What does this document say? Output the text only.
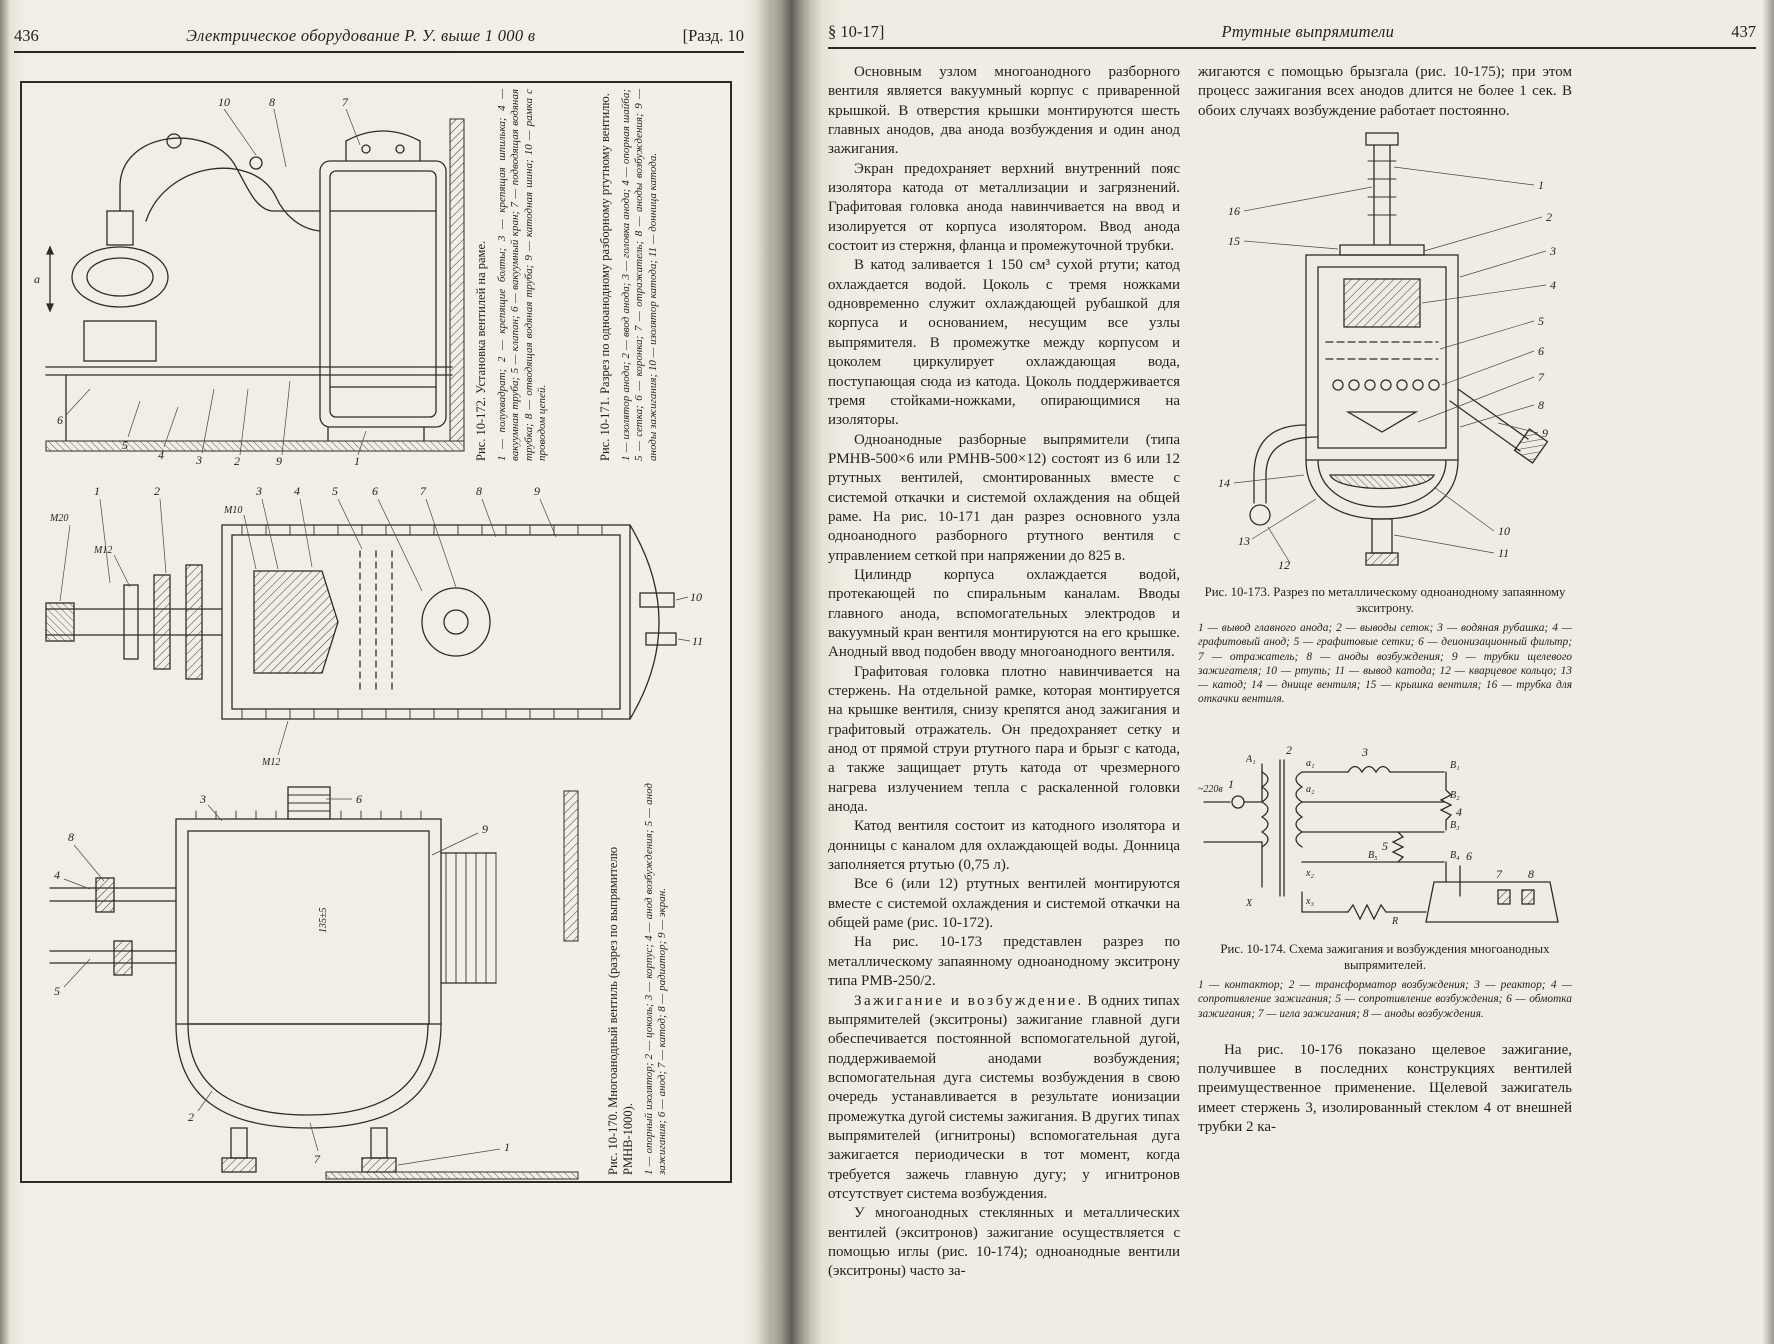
436	Электрическое оборудование Р. У. выше 1 000 в	[Разд. 10
10	8	7
6
5
4	3	2	9	1
a	Рис. 10-172. Установка вентилей на раме. 1 — полуквадрат; 2 — крепящие болты; 3 — крепящая шпилька; 4 — вакуумная труба; 5 — клапан; 6 — вакуумный кран; 7 — подводящая водяная трубка; 8 — отводящая водяная труба; 9 — катодная шина; 10 — рамка с проводом цепей.	Рис. 10-171. Разрез по одноанодному разборному ртутному вентилю. 1 — изолятор анода; 2 — ввод анода; 3 — головка анода; 4 — опорная шайба; 5 — сетка; 6 — коронка; 7 — отражатель; 8 — аноды возбуждения; 9 — аноды зажигания; 10 — изолятор катода; 11 — донница катода.
1	2	3	4	5	6	7	8	9
10
11
М20
М12
М10
М12
8
4
5
3	6
9
2
7
1
135±5	Рис. 10-170. Многоанодный вентиль (разрез по выпрямителю РМНВ-1000). 1 — опорный изолятор; 2 — цоколь; 3 — корпус; 4 — анод возбуждения; 5 — анод зажигания; 6 — анод; 7 — катод; 8 — радиатор; 9 — экран.
§ 10-17]	Ртутные выпрямители	437

Основным узлом многоанодного разборного вентиля является вакуумный корпус с приваренной крышкой. В отверстия крышки монтируются шесть главных анодов, два анода возбуждения и один анод зажигания.

Экран предохраняет верхний внутренний пояс изолятора катода от металлизации и загрязнений. Графитовая головка анода навинчивается на ввод и изолируется от корпуса изолятором. Ввод анода состоит из стержня, фланца и промежуточной трубки.

В катод заливается 1 150 см³ сухой ртути; катод охлаждается водой. Цоколь с тремя ножками одновременно служит охлаждающей рубашкой для корпуса и основанием, несущим все узлы выпрямителя. В промежутке между корпусом и цоколем циркулирует охлаждающая вода, поступающая сюда из катода. Цоколь поддерживается тремя стойками-ножками, опирающимися на изоляторы.

Одноанодные разборные выпрямители (типа РМНВ-500×6 или РМНВ-500×12) состоят из 6 или 12 ртутных вентилей, смонтированных вместе с системой откачки и системой охлаждения на общей раме. На рис. 10-171 дан разрез основного узла одноанодного разборного ртутного вентиля с управлением сеткой при напряжении до 825 в.

Цилиндр корпуса охлаждается водой, протекающей по спиральным каналам. Вводы главного анода, вспомогательных электродов и вакуумный кран вентиля монтируются на его крышке. Анодный ввод подобен вводу многоанодного вентиля.

Графитовая головка плотно навинчивается на стержень. На отдельной рамке, которая монтируется на крышке вентиля, снизу крепятся анод зажигания и графитовый отражатель. Он предохраняет сетку и анод от прямой струи ртутного пара и брызг с катода, а также защищает ртуть катода от чрезмерного нагрева излучением тепла с раскаленной головки анода.

Катод вентиля состоит из катодного изолятора и донницы с каналом для охлаждающей воды. Донница заполняется ртутью (0,75 л).

Все 6 (или 12) ртутных вентилей монтируются вместе с системой охлаждения и системой откачки на общей раме (рис. 10-172).

На рис. 10-173 представлен разрез по металлическому запаянному одноанодному экситрону типа РМВ-250/2.

Зажигание и возбуждение. В одних типах выпрямителей (экситроны) зажигание главной дуги обеспечивается постоянной вспомогательной дугой, поддерживаемой анодами возбуждения; вспомогательная дуга системы возбуждения в свою очередь устанавливается в результате ионизации промежутка дугой системы зажигания. В других типах выпрямителей (игнитроны) вспомогательная дуга зажигается периодически в тот момент, когда требуется зажечь главную дугу; у игнитронов отсутствует система возбуждения.

У многоанодных стеклянных и металлических вентилей (экситронов) зажигание осуществляется с помощью иглы (рис. 10-174); одноанодные вентили (экситроны) часто за-

жигаются с помощью брызгала (рис. 10-175); при этом процесс зажигания всех анодов длится не более 1 сек. В обоих случаях возбуждение работает постоянно.

16
15
14
13
12
1
2
3
4
5
6
7
8
9
10
11
Рис. 10-173. Разрез по металлическому одноанодному запаянному экситрону.
1 — вывод главного анода; 2 — выводы сеток; 3 — водяная рубашка; 4 — графитовый анод; 5 — графитовые сетки; 6 — деионизационный фильтр; 7 — отражатель; 8 — аноды возбуждения; 9 — трубки щелевого зажигателя; 10 — ртуть; 11 — вывод катода; 12 — кварцевое кольцо; 13 — катод; 14 — днище вентиля; 15 — крышка вентиля; 16 — трубка для откачки вентиля.
~220в
А₁
X
а₁
а₂
х₂
х₃
В₁
В₂
В₃
В₄
В₅
R
1
2	3
4
5
6
7 8
Рис. 10-174. Схема зажигания и возбуждения многоанодных выпрямителей.
1 — контактор; 2 — трансформатор возбуждения; 3 — реактор; 4 — сопротивление зажигания; 5 — сопротивление возбуждения; 6 — обмотка зажигания; 7 — игла зажигания; 8 — аноды возбуждения.

На рис. 10-176 показано щелевое зажигание, получившее в последних конструкциях вентилей преимущественное применение. Щелевой зажигатель имеет стержень 3, изолированный стеклом 4 от внешней трубки 2 ка-
